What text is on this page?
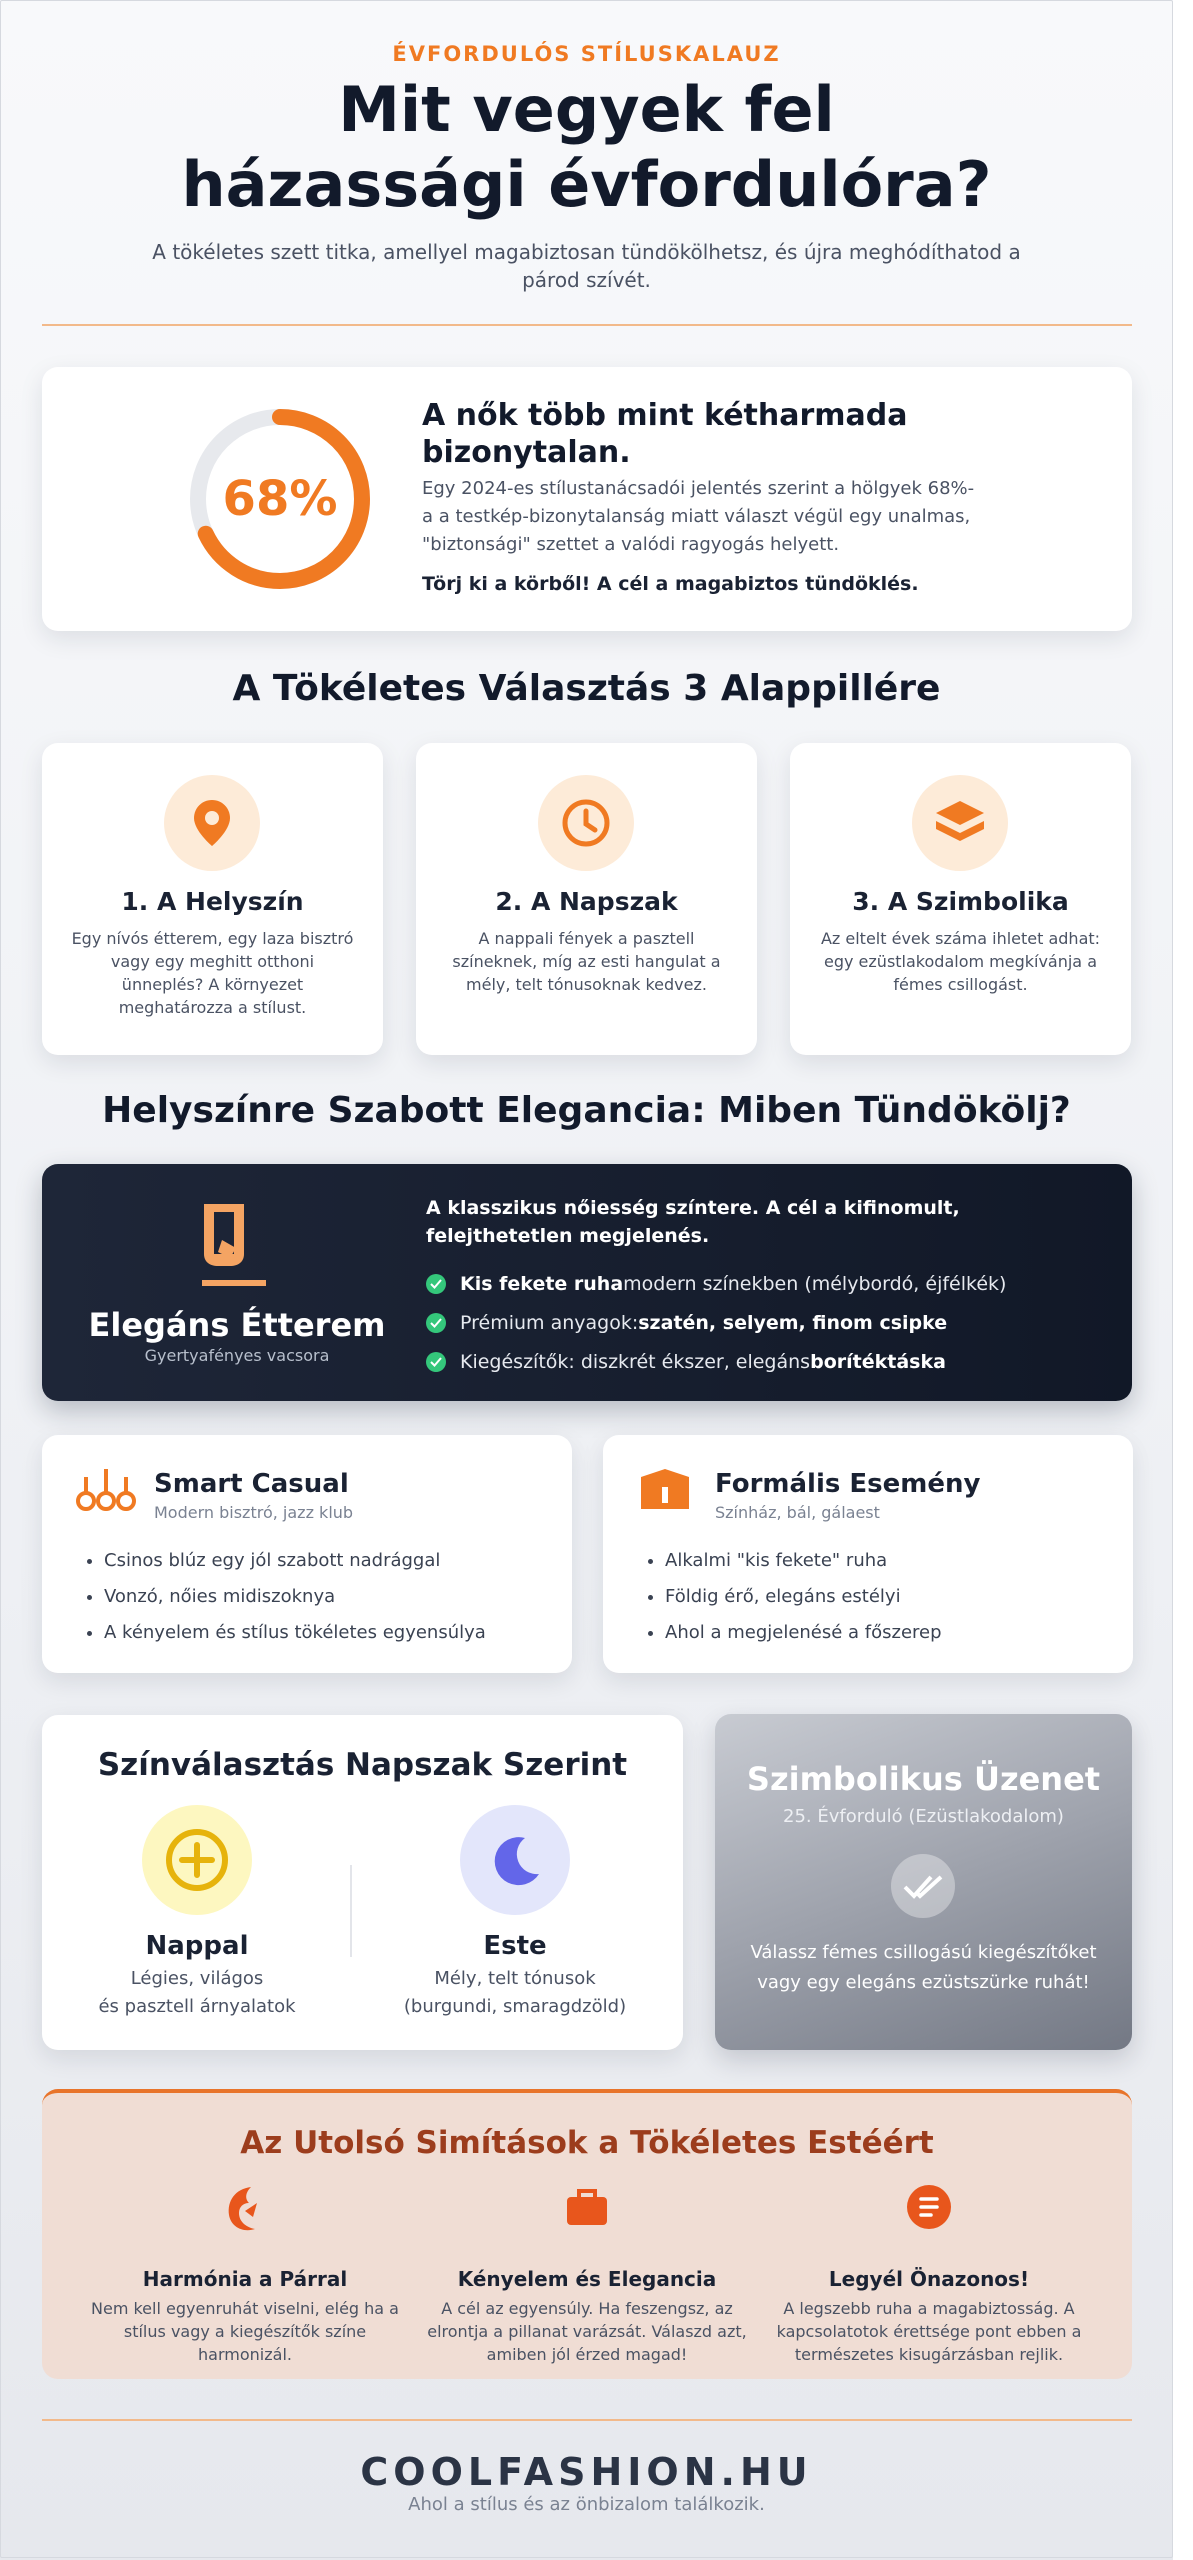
ÉVFORDULÓS STÍLUSKALAUZ
Mit vegyek fel
házassági évfordulóra?
A tökéletes szett titka, amellyel magabiztosan tündökölhetsz, és újra meghódíthatod a párod szívét.
68%
A nők több mint kétharmada bizonytalan.
Egy 2024-es stílustanácsadói jelentés szerint a hölgyek 68%-a a testkép-bizonytalanság miatt választ végül egy unalmas, "biztonsági" szettet a valódi ragyogás helyett.
Törj ki a körből! A cél a magabiztos tündöklés.
A Tökéletes Választás 3 Alappillére
1. A Helyszín
Egy nívós étterem, egy laza bisztró vagy egy meghitt otthoni ünneplés? A környezet meghatározza a stílust.
2. A Napszak
A nappali fények a pasztell színeknek, míg az esti hangulat a mély, telt tónusoknak kedvez.
3. A Szimbolika
Az eltelt évek száma ihletet adhat: egy ezüstlakodalom megkívánja a fémes csillogást.
Helyszínre Szabott Elegancia: Miben Tündökölj?
Elegáns Étterem
Gyertyafényes vacsora
A klasszikus nőiesség színtere. A cél a kifinomult, felejthetetlen megjelenés.
Kis fekete ruha modern színekben (mélybordó, éjfélkék)
Prémium anyagok: szatén, selyem, finom csipke
Kiegészítők: diszkrét ékszer, elegáns borítéktáska
Smart Casual
Modern bisztró, jazz klub
• Csinos blúz egy jól szabott nadrággal
• Vonzó, nőies midiszoknya
• A kényelem és stílus tökéletes egyensúlya
Formális Esemény
Színház, bál, gálaest
• Alkalmi "kis fekete" ruha
• Földig érő, elegáns estélyi
• Ahol a megjelenésé a főszerep
Színválasztás Napszak Szerint
Nappal
Légies, világos
és pasztell árnyalatok
Este
Mély, telt tónusok
(burgundi, smaragdzöld)
Szimbolikus Üzenet
25. Évforduló (Ezüstlakodalom)
Válassz fémes csillogású kiegészítőket vagy egy elegáns ezüstszürke ruhát!
Az Utolsó Simítások a Tökéletes Estéért
Harmónia a Párral
Nem kell egyenruhát viselni, elég ha a stílus vagy a kiegészítők színe harmonizál.
Kényelem és Elegancia
A cél az egyensúly. Ha feszengsz, az elrontja a pillanat varázsát. Válaszd azt, amiben jól érzed magad!
Legyél Önazonos!
A legszebb ruha a magabiztosság. A kapcsolatotok érettsége pont ebben a természetes kisugárzásban rejlik.
COOLFASHION.HU
Ahol a stílus és az önbizalom találkozik.
